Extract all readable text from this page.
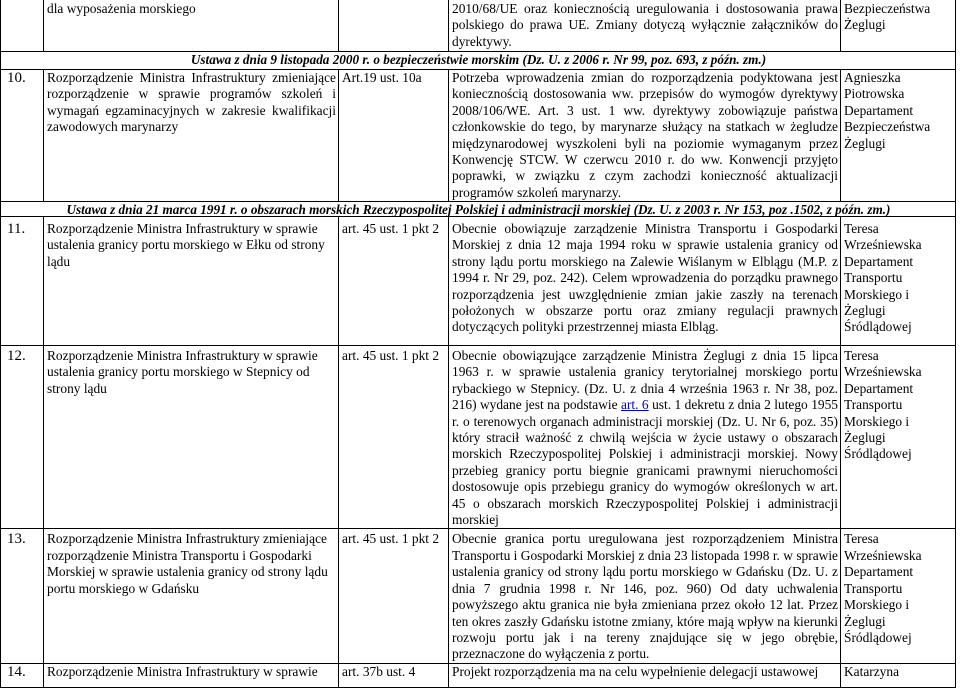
	dla wyposażenia morskiego		2010/68/UE oraz koniecznością uregulowania i dostosowania prawa polskiego do prawa UE. Zmiany dotyczą wyłącznie załączników do dyrektywy.	Bezpieczeństwa Żeglugi
Ustawa z dnia 9 listopada 2000 r. o bezpieczeństwie morskim (Dz. U. z 2006 r. Nr 99, poz. 693, z późn. zm.)				
10.	Rozporządzenie Ministra Infrastruktury zmieniające rozporządzenie w sprawie programów szkoleń i wymagań egzaminacyjnych w zakresie kwalifikacji zawodowych marynarzy	Art.19 ust. 10a	Potrzeba wprowadzenia zmian do rozporządzenia podyktowana jest koniecznością dostosowania ww. przepisów do wymogów dyrektywy 2008/106/WE. Art. 3 ust. 1 ww. dyrektywy zobowiązuje państwa członkowskie do tego, by marynarze służący na statkach w żegludze międzynarodowej wyszkoleni byli na poziomie wymaganym przez Konwencję STCW. W czerwcu 2010 r. do ww. Konwencji przyjęto poprawki, w związku z czym zachodzi konieczność aktualizacji programów szkoleń marynarzy.	Agnieszka Piotrowska Departament Bezpieczeństwa Żeglugi
Ustawa z dnia 21 marca 1991 r. o obszarach morskich Rzeczypospolitej Polskiej i administracji morskiej (Dz. U. z 2003 r. Nr 153, poz .1502, z późn. zm.)				
11.	Rozporządzenie Ministra Infrastruktury w sprawie ustalenia granicy portu morskiego w Ełku od strony lądu	art. 45 ust. 1 pkt 2	Obecnie obowiązuje zarządzenie Ministra Transportu i Gospodarki Morskiej z dnia 12 maja 1994 roku w sprawie ustalenia granicy od strony lądu portu morskiego na Zalewie Wiślanym w Elblągu (M.P. z 1994 r. Nr 29, poz. 242). Celem wprowadzenia do porządku prawnego rozporządzenia jest uwzględnienie zmian jakie zaszły na terenach położonych w obszarze portu oraz zmiany regulacji prawnych dotyczących polityki przestrzennej miasta Elbląg.	Teresa Wrześniewska Departament Transportu Morskiego i Żeglugi Śródlądowej
12.	Rozporządzenie Ministra Infrastruktury w sprawie ustalenia granicy portu morskiego w Stepnicy od strony lądu	art. 45 ust. 1 pkt 2	Obecnie obowiązujące zarządzenie Ministra Żeglugi z dnia 15 lipca 1963 r. w sprawie ustalenia granicy terytorialnej morskiego portu rybackiego w Stepnicy. (Dz. U. z dnia 4 września 1963 r. Nr 38, poz. 216) wydane jest na podstawie art. 6 ust. 1 dekretu z dnia 2 lutego 1955 r. o terenowych organach administracji morskiej (Dz. U. Nr 6, poz. 35) który stracił ważność z chwilą wejścia w życie ustawy o obszarach morskich Rzeczypospolitej Polskiej i administracji morskiej. Nowy przebieg granicy portu biegnie granicami prawnymi nieruchomości dostosowuje opis przebiegu granicy do wymogów określonych w art. 45 o obszarach morskich Rzeczypospolitej Polskiej i administracji morskiej	Teresa Wrześniewska Departament Transportu Morskiego i Żeglugi Śródlądowej
13.	Rozporządzenie Ministra Infrastruktury zmieniające rozporządzenie Ministra Transportu i Gospodarki Morskiej w sprawie ustalenia granicy od strony lądu portu morskiego w Gdańsku	art. 45 ust. 1 pkt 2	Obecnie granica portu uregulowana jest rozporządzeniem Ministra Transportu i Gospodarki Morskiej z dnia 23 listopada 1998 r. w sprawie ustalenia granicy od strony lądu portu morskiego w Gdańsku (Dz. U. z dnia 7 grudnia 1998 r. Nr 146, poz. 960) Od daty uchwalenia powyższego aktu granica nie była zmieniana przez około 12 lat. Przez ten okres zaszły Gdańsku istotne zmiany, które mają wpływ na kierunki rozwoju portu jak i na tereny znajdujące się w jego obrębie, przeznaczone do wyłączenia z portu.	Teresa Wrześniewska Departament Transportu Morskiego i Żeglugi Śródlądowej
14.	Rozporządzenie Ministra Infrastruktury w sprawie	art. 37b ust. 4	Projekt rozporządzenia ma na celu wypełnienie delegacji ustawowej	Katarzyna
